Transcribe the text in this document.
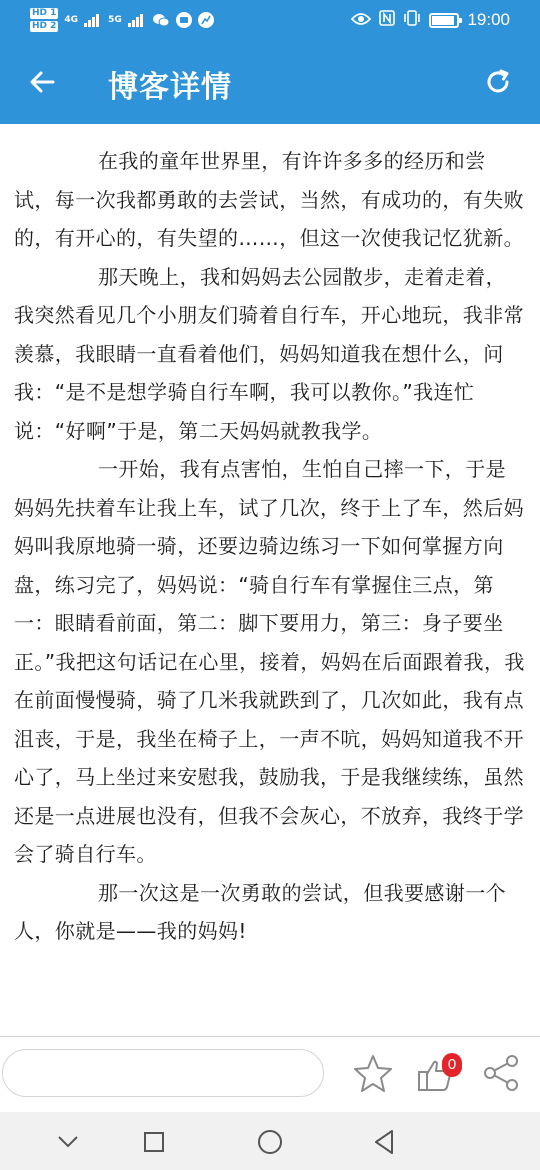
HD 1
HD 2
4G	5G	19:00
博客详情

在我的童年世界里，有许许多多的经历和尝试，每一次我都勇敢的去尝试，当然，有成功的，有失败的，有开心的，有失望的……，但这一次使我记忆犹新。

那天晚上，我和妈妈去公园散步，走着走着，我突然看见几个小朋友们骑着自行车，开心地玩，我非常羡慕，我眼睛一直看着他们，妈妈知道我在想什么，问我：“是不是想学骑自行车啊，我可以教你。”我连忙说：“好啊”于是，第二天妈妈就教我学。

一开始，我有点害怕，生怕自己摔一下，于是妈妈先扶着车让我上车，试了几次，终于上了车，然后妈妈叫我原地骑一骑，还要边骑边练习一下如何掌握方向盘，练习完了，妈妈说：“骑自行车有掌握住三点，第一：眼睛看前面，第二：脚下要用力，第三：身子要坐正。”我把这句话记在心里，接着，妈妈在后面跟着我，我在前面慢慢骑，骑了几米我就跌到了，几次如此，我有点沮丧，于是，我坐在椅子上，一声不吭，妈妈知道我不开心了，马上坐过来安慰我，鼓励我，于是我继续练，虽然还是一点进展也没有，但我不会灰心，不放弃，我终于学会了骑自行车。

那一次这是一次勇敢的尝试，但我要感谢一个人，你就是——我的妈妈!

0
